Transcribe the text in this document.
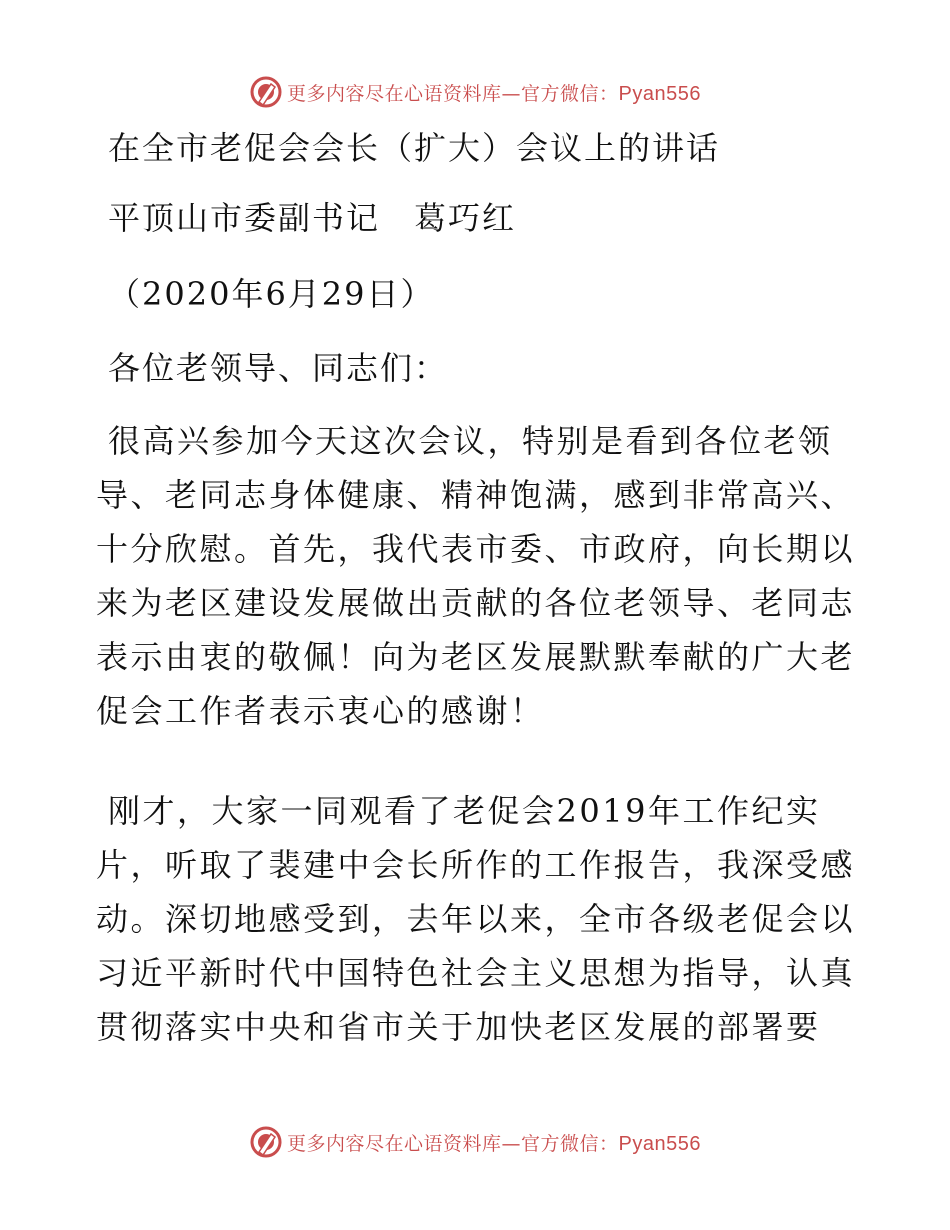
更多内容尽在心语资料库—官方微信：Pyan556
在全市老促会会长（扩大）会议上的讲话
平顶山市委副书记　葛巧红
（2020年6月29日）
各位老领导、同志们：
很高兴参加今天这次会议，特别是看到各位老领
导、老同志身体健康、精神饱满，感到非常高兴、
十分欣慰。首先，我代表市委、市政府，向长期以
来为老区建设发展做出贡献的各位老领导、老同志
表示由衷的敬佩！向为老区发展默默奉献的广大老
促会工作者表示衷心的感谢！
刚才，大家一同观看了老促会2019年工作纪实
片，听取了裴建中会长所作的工作报告，我深受感
动。深切地感受到，去年以来，全市各级老促会以
习近平新时代中国特色社会主义思想为指导，认真
贯彻落实中央和省市关于加快老区发展的部署要
更多内容尽在心语资料库—官方微信：Pyan556
